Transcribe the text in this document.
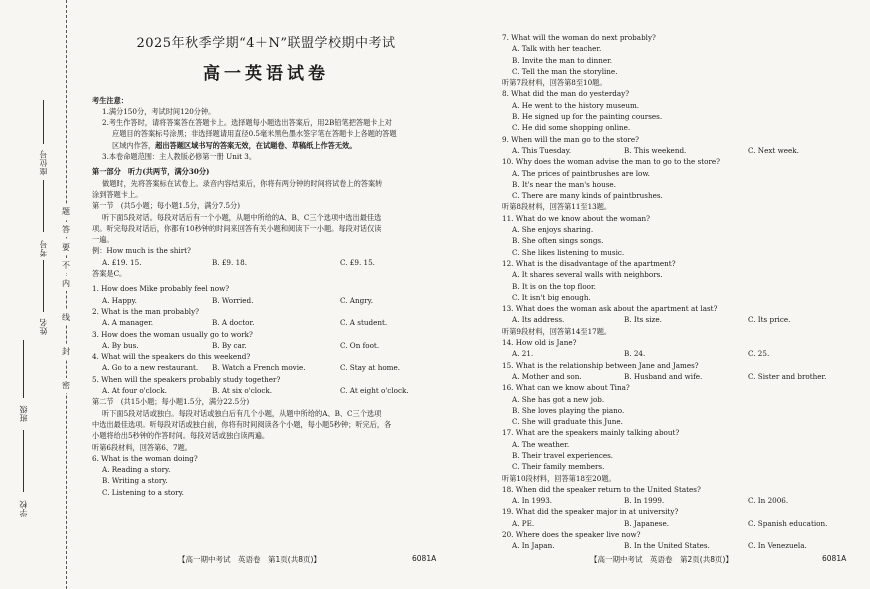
学校
班级
姓名
考号
座位号
密
封
线
内
不
要
答
题
2025年秋季学期“4＋N”联盟学校期中考试
高一英语试卷
考生注意：
1.满分150分，考试时间120分钟。
2.考生作答时，请将答案答在答题卡上。选择题每小题选出答案后，用2B铅笔把答题卡上对
应题目的答案标号涂黑；非选择题请用直径0.5毫米黑色墨水签字笔在答题卡上各题的答题
区域内作答，超出答题区域书写的答案无效，在试题卷、草稿纸上作答无效。
3.本卷命题范围：主人教版必修第一册 Unit 3。
第一部分　听力(共两节，满分30分)
做题时，先将答案标在试卷上。录音内容结束后，你将有两分钟的时间将试卷上的答案转
涂到答题卡上。
第一节　(共5小题；每小题1.5分，满分7.5分)
听下面5段对话。每段对话后有一个小题，从题中所给的A、B、C三个选项中选出最佳选
项。听完每段对话后，你都有10秒钟的时间来回答有关小题和阅读下一小题。每段对话仅读
一遍。
例：How much is the shirt?
A. £19. 15.	B. £9. 18.	C. £9. 15.
答案是C。
1. How does Mike probably feel now?
A. Happy.	B. Worried.	C. Angry.
2. What is the man probably?
A. A manager.	B. A doctor.	C. A student.
3. How does the woman usually go to work?
A. By bus.	B. By car.	C. On foot.
4. What will the speakers do this weekend?
A. Go to a new restaurant.	B. Watch a French movie.	C. Stay at home.
5. When will the speakers probably study together?
A. At four o'clock.	B. At six o'clock.	C. At eight o'clock.
第二节　(共15小题；每小题1.5分，满分22.5分)
听下面5段对话或独白。每段对话或独白后有几个小题，从题中所给的A、B、C三个选项
中选出最佳选项。听每段对话或独白前，你将有时间阅读各个小题，每小题5秒钟；听完后，各
小题将给出5秒钟的作答时间。每段对话或独白读两遍。
听第6段材料，回答第6、7题。
6. What is the woman doing?
A. Reading a story.
B. Writing a story.
C. Listening to a story.
【高一期中考试　英语卷　第1页(共8页)】	6081A
7. What will the woman do next probably?
A. Talk with her teacher.
B. Invite the man to dinner.
C. Tell the man the storyline.
听第7段材料，回答第8至10题。
8. What did the man do yesterday?
A. He went to the history museum.
B. He signed up for the painting courses.
C. He did some shopping online.
9. When will the man go to the store?
A. This Tuesday.	B. This weekend.	C. Next week.
10. Why does the woman advise the man to go to the store?
A. The prices of paintbrushes are low.
B. It's near the man's house.
C. There are many kinds of paintbrushes.
听第8段材料，回答第11至13题。
11. What do we know about the woman?
A. She enjoys sharing.
B. She often sings songs.
C. She likes listening to music.
12. What is the disadvantage of the apartment?
A. It shares several walls with neighbors.
B. It is on the top floor.
C. It isn't big enough.
13. What does the woman ask about the apartment at last?
A. Its address.	B. Its size.	C. Its price.
听第9段材料，回答第14至17题。
14. How old is Jane?
A. 21.	B. 24.	C. 25.
15. What is the relationship between Jane and James?
A. Mother and son.	B. Husband and wife.	C. Sister and brother.
16. What can we know about Tina?
A. She has got a new job.
B. She loves playing the piano.
C. She will graduate this June.
17. What are the speakers mainly talking about?
A. The weather.
B. Their travel experiences.
C. Their family members.
听第10段材料，回答第18至20题。
18. When did the speaker return to the United States?
A. In 1993.	B. In 1999.	C. In 2006.
19. What did the speaker major in at university?
A. PE.	B. Japanese.	C. Spanish education.
20. Where does the speaker live now?
A. In Japan.	B. In the United States.	C. In Venezuela.
【高一期中考试　英语卷　第2页(共8页)】	6081A
